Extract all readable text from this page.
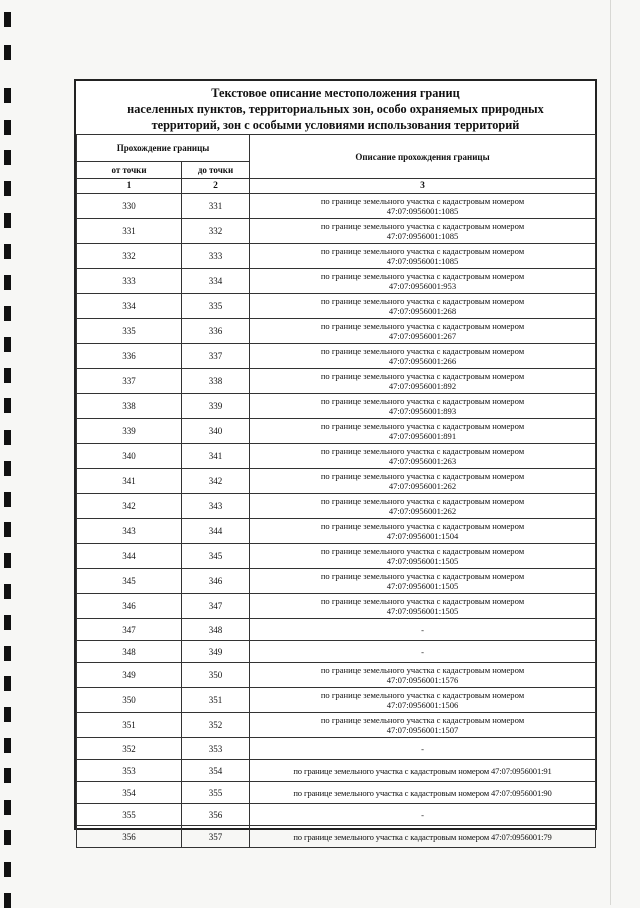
Текстовое описание местоположения границ
населенных пунктов, территориальных зон, особо охраняемых природных
территорий, зон с особыми условиями использования территорий
Прохождение границы		Описание прохождения границы
от точки	до точки	
1	2	3
330	331	по границе земельного участка с кадастровым номером
47:07:0956001:1085

331	332	по границе земельного участка с кадастровым номером
47:07:0956001:1085

332	333	по границе земельного участка с кадастровым номером
47:07:0956001:1085

333	334	по границе земельного участка с кадастровым номером
47:07:0956001:953

334	335	по границе земельного участка с кадастровым номером
47:07:0956001:268

335	336	по границе земельного участка с кадастровым номером
47:07:0956001:267

336	337	по границе земельного участка с кадастровым номером
47:07:0956001:266

337	338	по границе земельного участка с кадастровым номером
47:07:0956001:892

338	339	по границе земельного участка с кадастровым номером
47:07:0956001:893

339	340	по границе земельного участка с кадастровым номером
47:07:0956001:891

340	341	по границе земельного участка с кадастровым номером
47:07:0956001:263

341	342	по границе земельного участка с кадастровым номером
47:07:0956001:262

342	343	по границе земельного участка с кадастровым номером
47:07:0956001:262

343	344	по границе земельного участка с кадастровым номером
47:07:0956001:1504

344	345	по границе земельного участка с кадастровым номером
47:07:0956001:1505

345	346	по границе земельного участка с кадастровым номером
47:07:0956001:1505

346	347	по границе земельного участка с кадастровым номером
47:07:0956001:1505

347	348	-

348	349	-

349	350	по границе земельного участка с кадастровым номером
47:07:0956001:1576

350	351	по границе земельного участка с кадастровым номером
47:07:0956001:1506

351	352	по границе земельного участка с кадастровым номером
47:07:0956001:1507

352	353	-

353	354	по границе земельного участка с кадастровым номером 47:07:0956001:91

354	355	по границе земельного участка с кадастровым номером 47:07:0956001:90

355	356	-

356	357	по границе земельного участка с кадастровым номером 47:07:0956001:79
